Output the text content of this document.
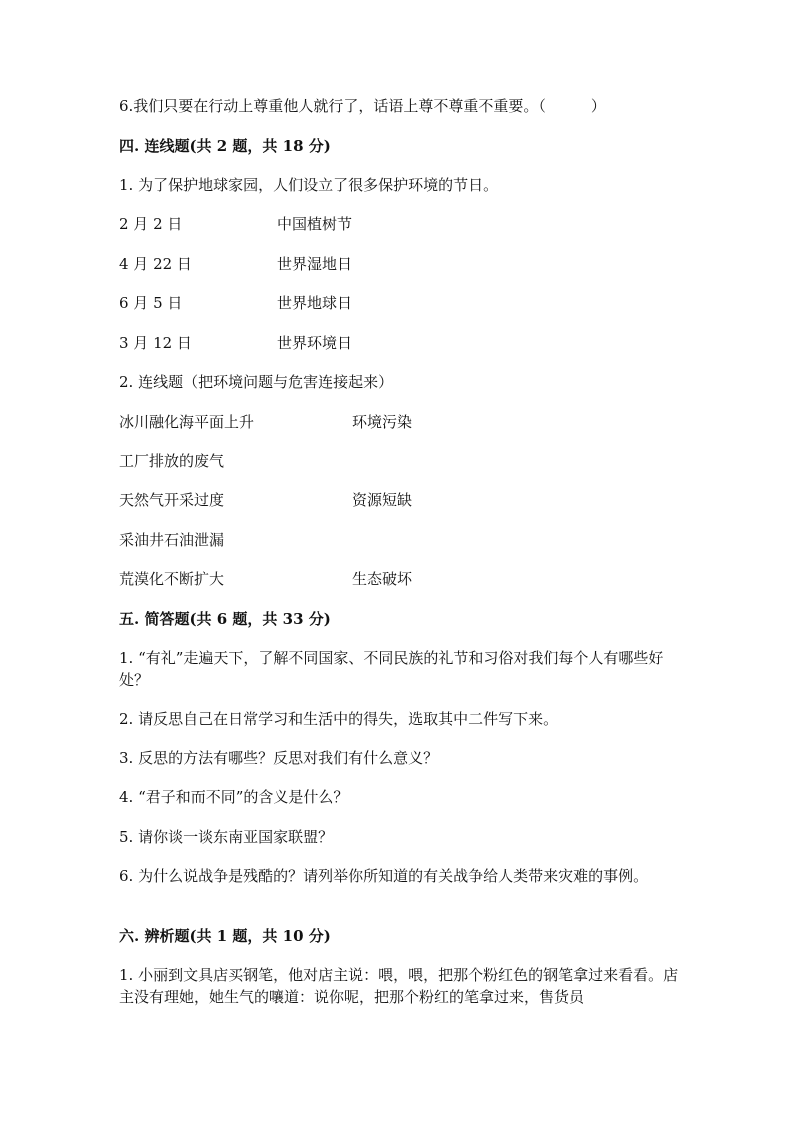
6.我们只要在行动上尊重他人就行了，话语上尊不尊重不重要。（　　　）
四. 连线题(共 2 题，共 18 分)
1. 为了保护地球家园，人们设立了很多保护环境的节日。
2 月 2 日	中国植树节
4 月 22 日	世界湿地日
6 月 5 日	世界地球日
3 月 12 日	世界环境日
2. 连线题（把环境问题与危害连接起来）
冰川融化海平面上升	环境污染
工厂排放的废气
天然气开采过度	资源短缺
采油井石油泄漏
荒漠化不断扩大	生态破坏
五. 简答题(共 6 题，共 33 分)
1. “有礼”走遍天下，了解不同国家、不同民族的礼节和习俗对我们每个人有哪些好处？
2. 请反思自己在日常学习和生活中的得失，选取其中二件写下来。
3. 反思的方法有哪些？反思对我们有什么意义？
4. “君子和而不同”的含义是什么？
5. 请你谈一谈东南亚国家联盟？
6. 为什么说战争是残酷的？请列举你所知道的有关战争给人类带来灾难的事例。
六. 辨析题(共 1 题，共 10 分)
1. 小丽到文具店买钢笔，他对店主说：喂，喂，把那个粉红色的钢笔拿过来看看。店主没有理她，她生气的嚷道：说你呢，把那个粉红的笔拿过来，售货员
